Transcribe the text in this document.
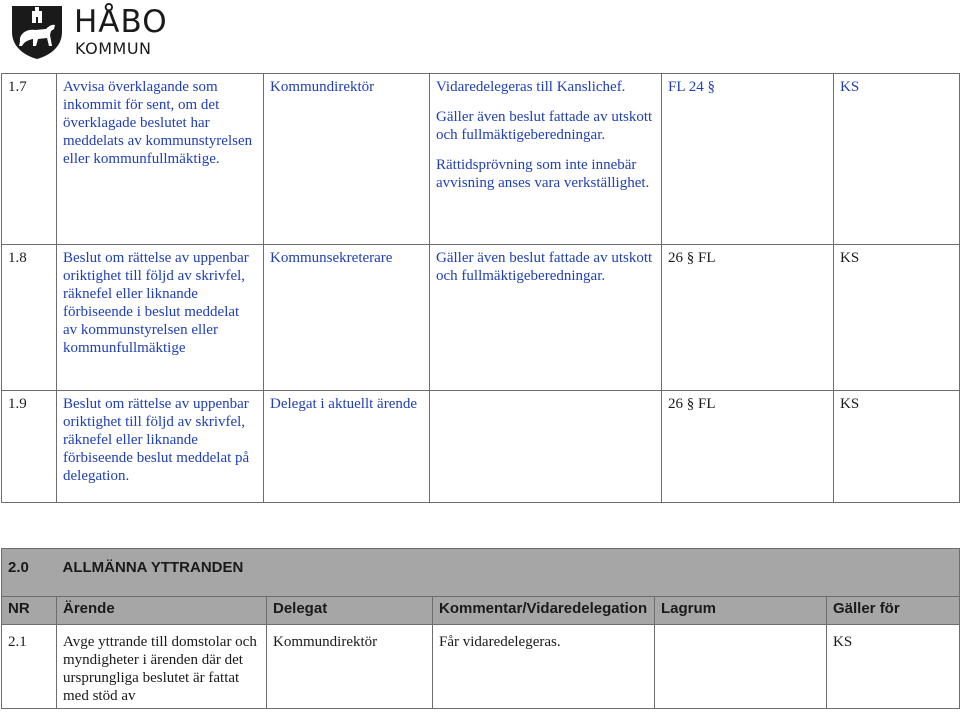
HÅBO
KOMMUN
1.7	Avvisa överklagande som inkommit för sent, om det överklagade beslutet har meddelats av kommunstyrelsen eller kommunfullmäktige.	Kommundirektör	Vidaredelegeras till Kanslichef.

Gäller även beslut fattade av utskott och fullmäktigeberedningar.

Rättidsprövning som inte innebär avvisning anses vara verkställighet.	FL 24 §	KS
1.8	Beslut om rättelse av uppenbar oriktighet till följd av skrivfel, räknefel eller liknande förbiseende i beslut meddelat av kommunstyrelsen eller kommunfullmäktige	Kommunsekreterare	Gäller även beslut fattade av utskott och fullmäktigeberedningar.	26 § FL	KS
1.9	Beslut om rättelse av uppenbar oriktighet till följd av skrivfel, räknefel eller liknande förbiseende beslut meddelat på delegation.	Delegat i aktuellt ärende		26 § FL	KS
2.0	ALLMÄNNA YTTRANDEN				
NR	Ärende	Delegat	Kommentar/Vidaredelegation	Lagrum	Gäller för
2.1	Avge yttrande till domstolar och myndigheter i ärenden där det ursprungliga beslutet är fattat med stöd av	Kommundirektör	Får vidaredelegeras.		KS
